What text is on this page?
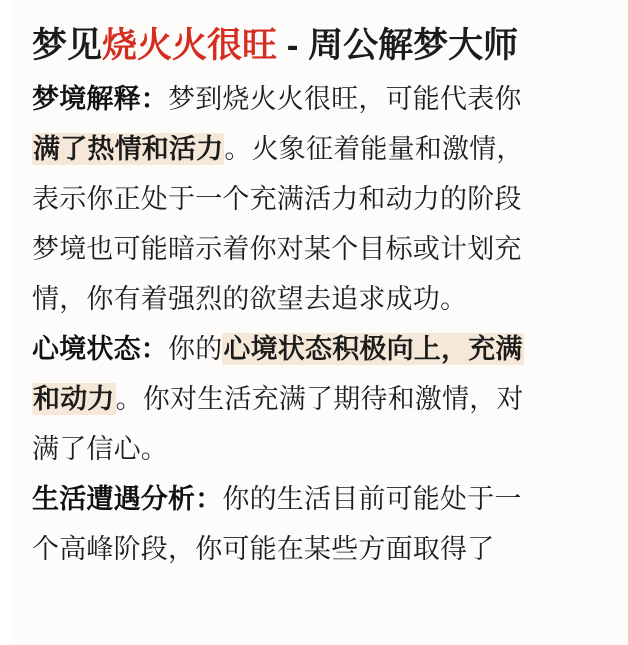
梦见烧火火很旺 - 周公解梦大师

梦境解释：梦到烧火火很旺，可能代表你

满了热情和活力。火象征着能量和激情，

表示你正处于一个充满活力和动力的阶段

梦境也可能暗示着你对某个目标或计划充

情，你有着强烈的欲望去追求成功。

心境状态：你的心境状态积极向上，充满

和动力。你对生活充满了期待和激情，对

满了信心。

生活遭遇分析：你的生活目前可能处于一

个高峰阶段，你可能在某些方面取得了
